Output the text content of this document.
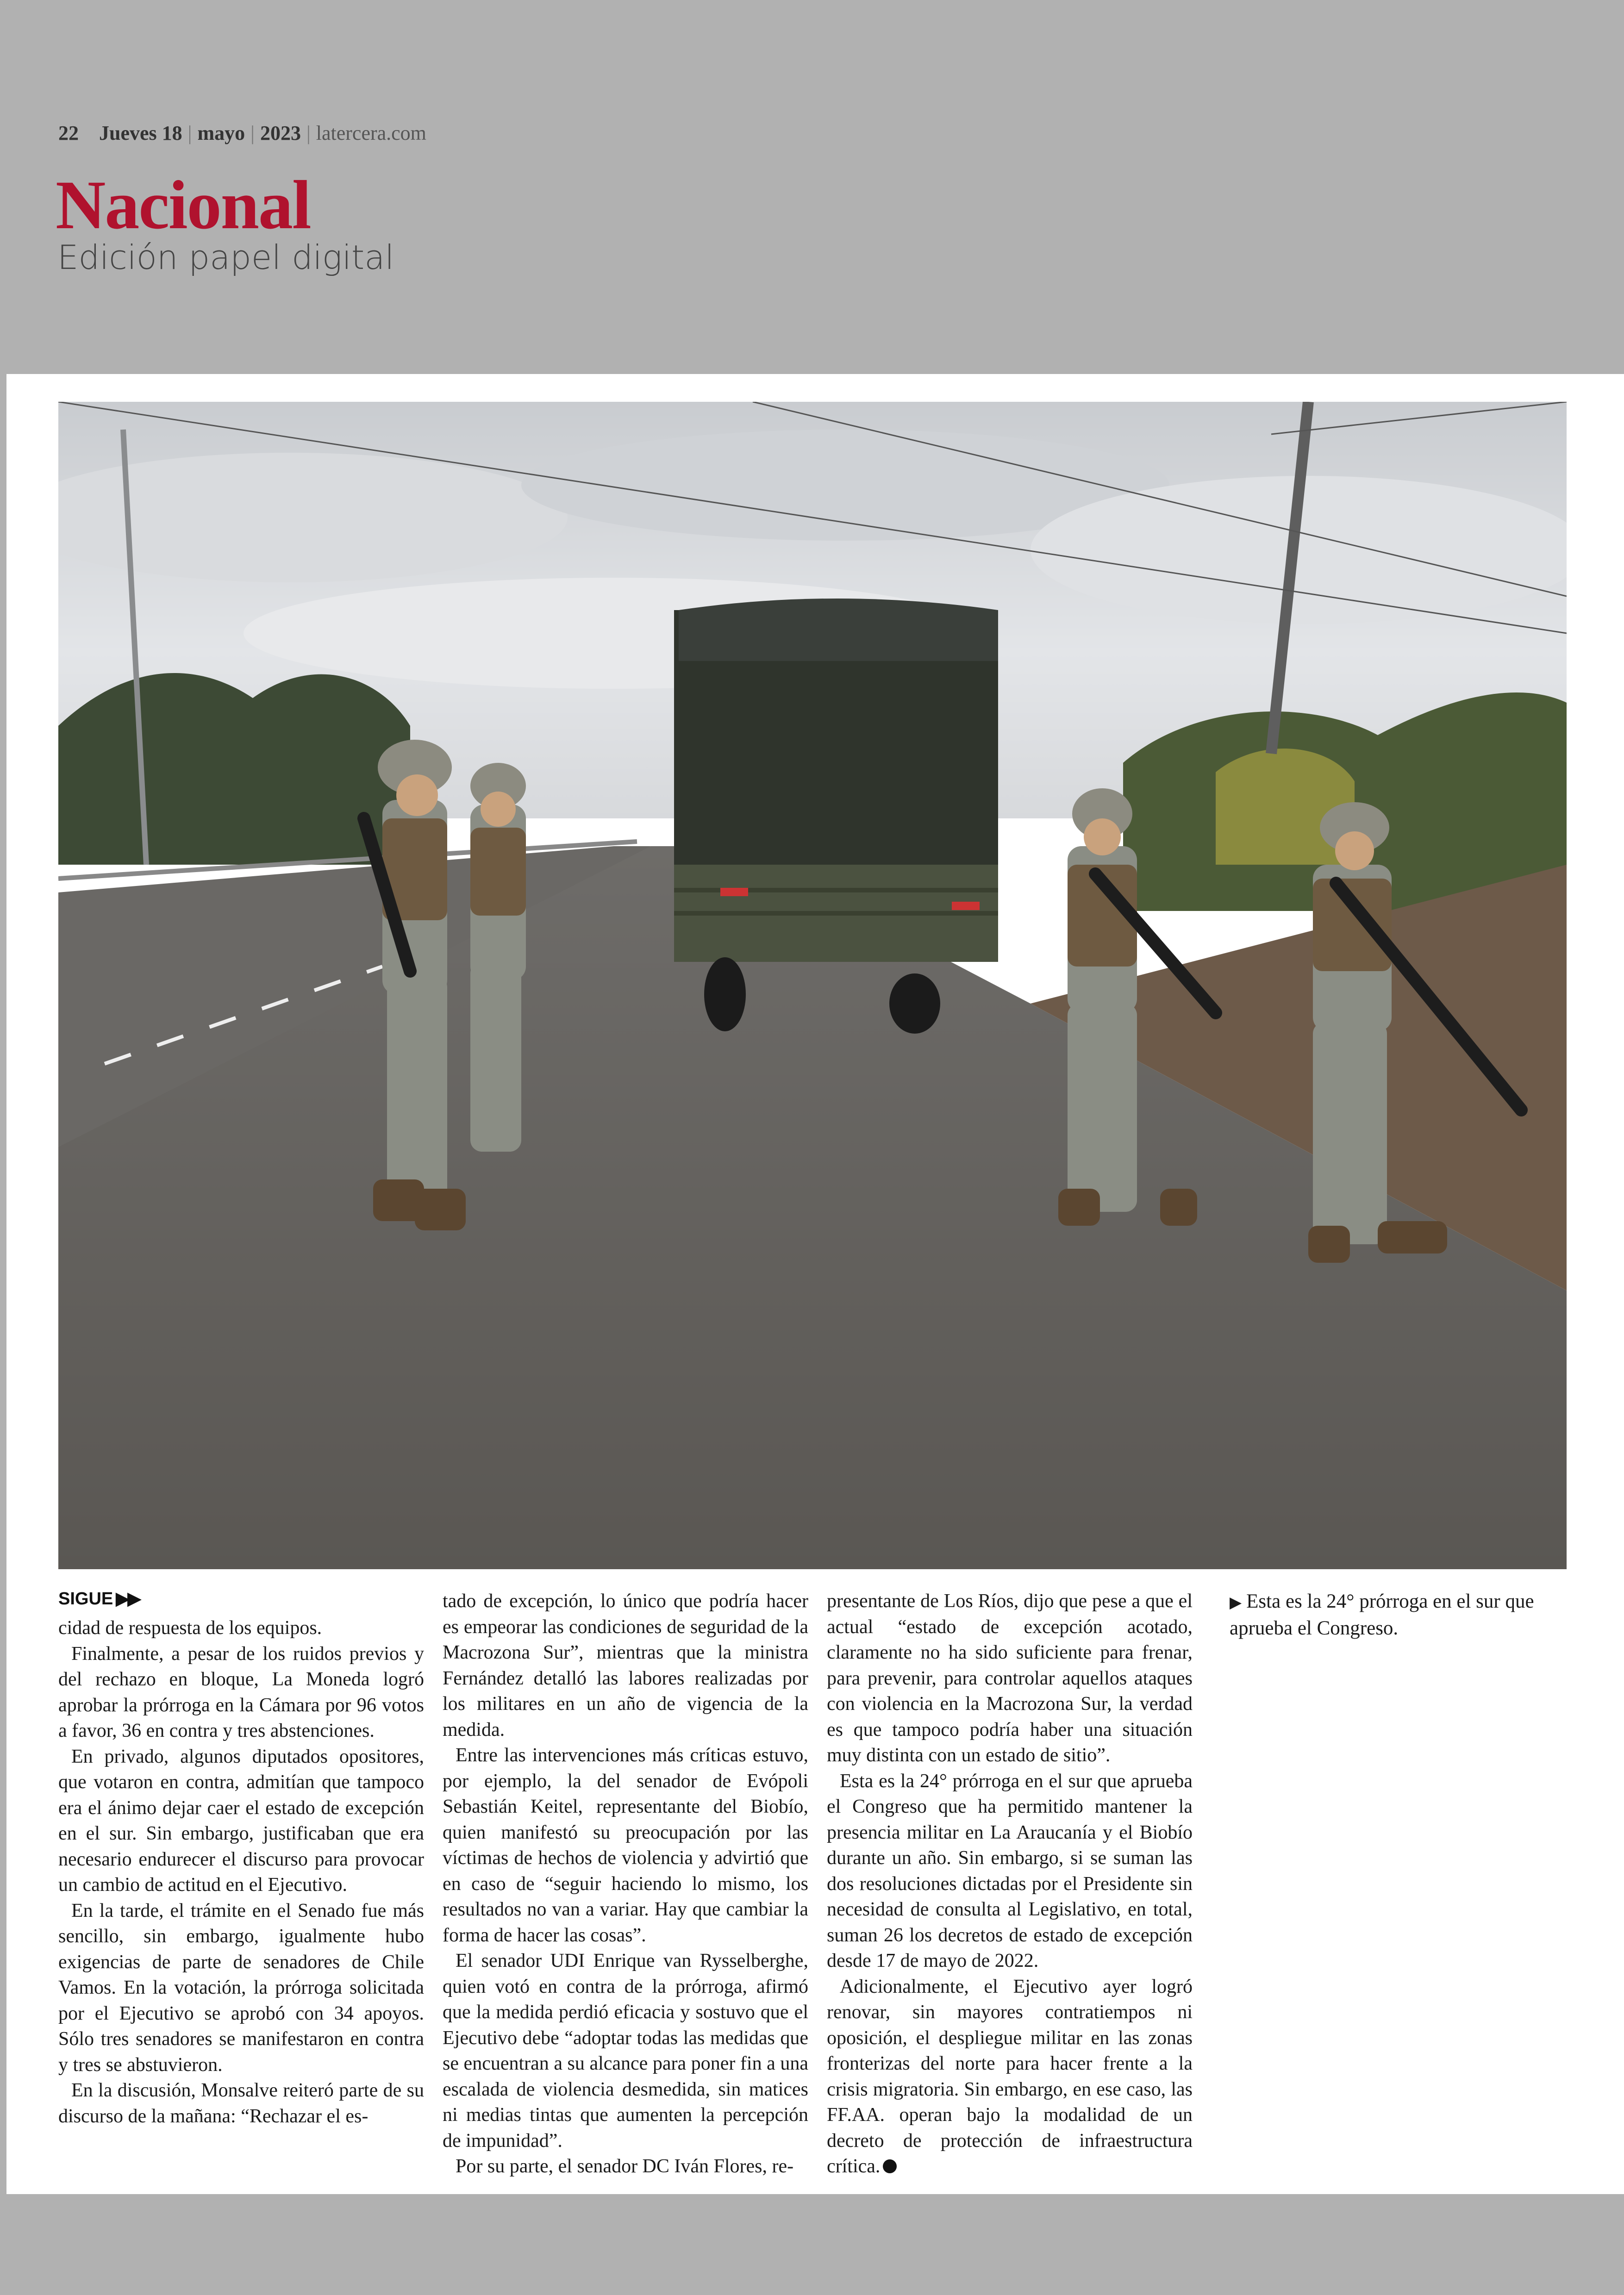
22 Jueves 18 | mayo | 2023 | latercera.com
Nacional
Edición papel digital
SIGUE ▶▶

cidad de respuesta de los equipos.

Finalmente, a pesar de los ruidos previos y del rechazo en bloque, La Moneda logró aprobar la prórroga en la Cámara por 96 votos a favor, 36 en contra y tres abstenciones.

En privado, algunos diputados opositores, que votaron en contra, admitían que tampoco era el ánimo dejar caer el estado de excepción en el sur. Sin embargo, justificaban que era necesario endurecer el discurso para provocar un cambio de actitud en el Ejecutivo.

En la tarde, el trámite en el Senado fue más sencillo, sin embargo, igualmente hubo exigencias de parte de senadores de Chile Vamos. En la votación, la prórroga solicitada por el Ejecutivo se aprobó con 34 apoyos. Sólo tres senadores se manifestaron en contra y tres se abstuvieron.

En la discusión, Monsalve reiteró parte de su discurso de la mañana: “Rechazar el es-

tado de excepción, lo único que podría hacer es empeorar las condiciones de seguridad de la Macrozona Sur”, mientras que la ministra Fernández detalló las labores realizadas por los militares en un año de vigencia de la medida.

Entre las intervenciones más críticas estuvo, por ejemplo, la del senador de Evópoli Sebastián Keitel, representante del Biobío, quien manifestó su preocupación por las víctimas de hechos de violencia y advirtió que en caso de “seguir haciendo lo mismo, los resultados no van a variar. Hay que cambiar la forma de hacer las cosas”.

El senador UDI Enrique van Rysselberghe, quien votó en contra de la prórroga, afirmó que la medida perdió eficacia y sostuvo que el Ejecutivo debe “adoptar todas las medidas que se encuentran a su alcance para poner fin a una escalada de violencia desmedida, sin matices ni medias tintas que aumenten la percepción de impunidad”.

Por su parte, el senador DC Iván Flores, re-

presentante de Los Ríos, dijo que pese a que el actual “estado de excepción acotado, claramente no ha sido suficiente para frenar, para prevenir, para controlar aquellos ataques con violencia en la Macrozona Sur, la verdad es que tampoco podría haber una situación muy distinta con un estado de sitio”.

Esta es la 24° prórroga en el sur que aprueba el Congreso que ha permitido mantener la presencia militar en La Araucanía y el Biobío durante un año. Sin embargo, si se suman las dos resoluciones dictadas por el Presidente sin necesidad de consulta al Legislativo, en total, suman 26 los decretos de estado de excepción desde 17 de mayo de 2022.

Adicionalmente, el Ejecutivo ayer logró renovar, sin mayores contratiempos ni oposición, el despliegue militar en las zonas fronterizas del norte para hacer frente a la crisis migratoria. Sin embargo, en ese caso, las FF.AA. operan bajo la modalidad de un decreto de protección de infraestructura crítica.

▶ Esta es la 24° prórroga en el sur que aprueba el Congreso.
